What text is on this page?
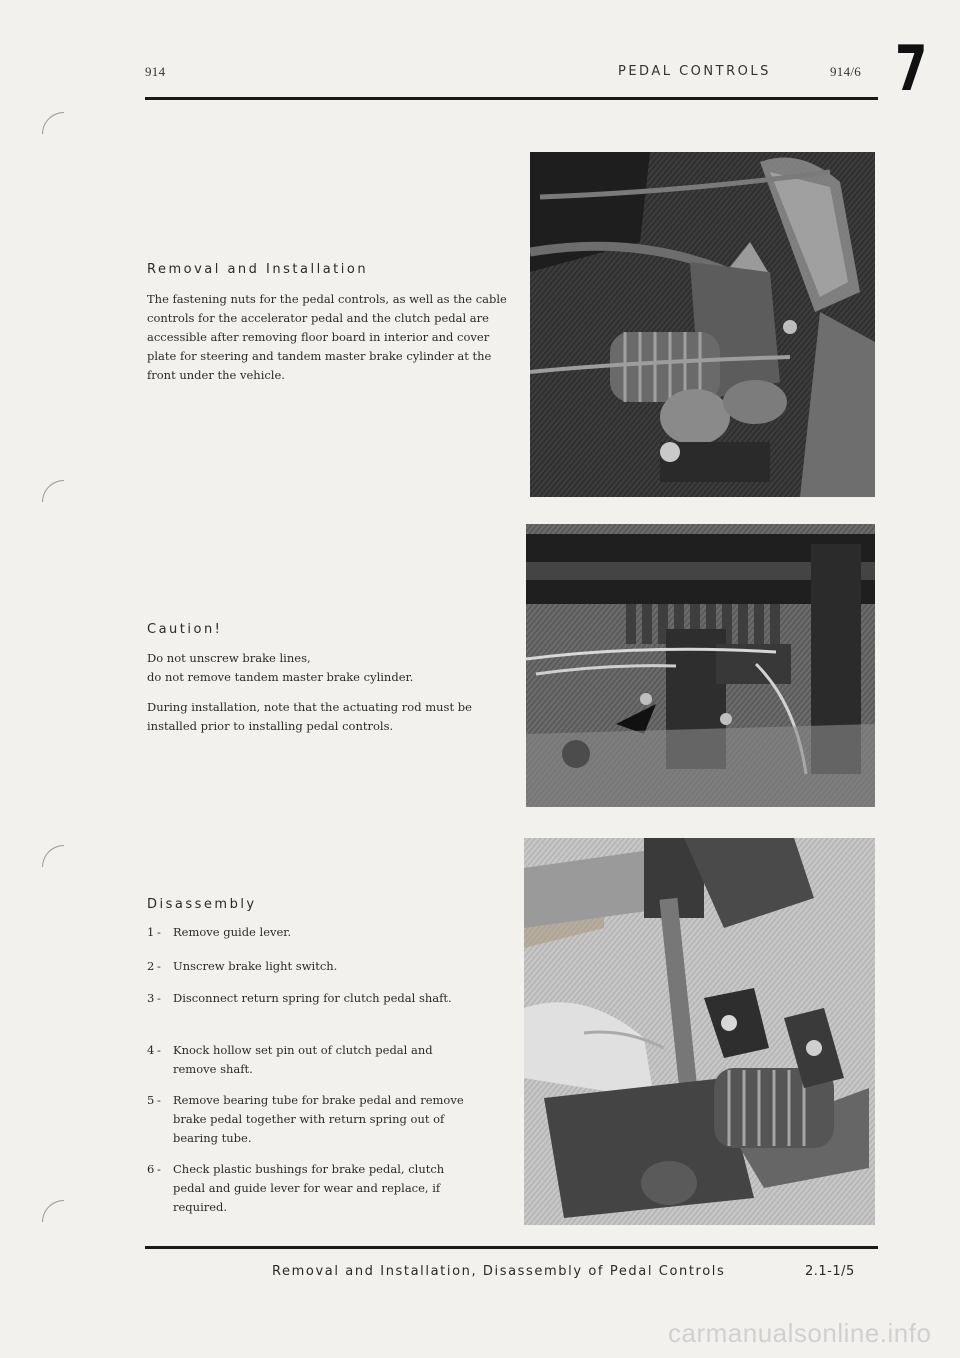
914	PEDAL CONTROLS	914/6 7
Removal and Installation
The fastening nuts for the pedal controls, as well as the cable controls for the accelerator pedal and the clutch pedal are accessible after removing floor board in interior and cover plate for steering and tandem master brake cylinder at the front under the vehicle.
Caution!
Do not unscrew brake lines,
do not remove tandem master brake cylinder.
During installation, note that the actuating rod must be installed prior to installing pedal controls.
Disassembly
1 - Remove guide lever.
2 - Unscrew brake light switch.
3 - Disconnect return spring for clutch pedal shaft.
4 - Knock hollow set pin out of clutch pedal and remove shaft.
5 - Remove bearing tube for brake pedal and remove brake pedal together with return spring out of bearing tube.
6 - Check plastic bushings for brake pedal, clutch pedal and guide lever for wear and replace, if required.
Removal and Installation, Disassembly of Pedal Controls	2.1-1/5
carmanualsonline.info
